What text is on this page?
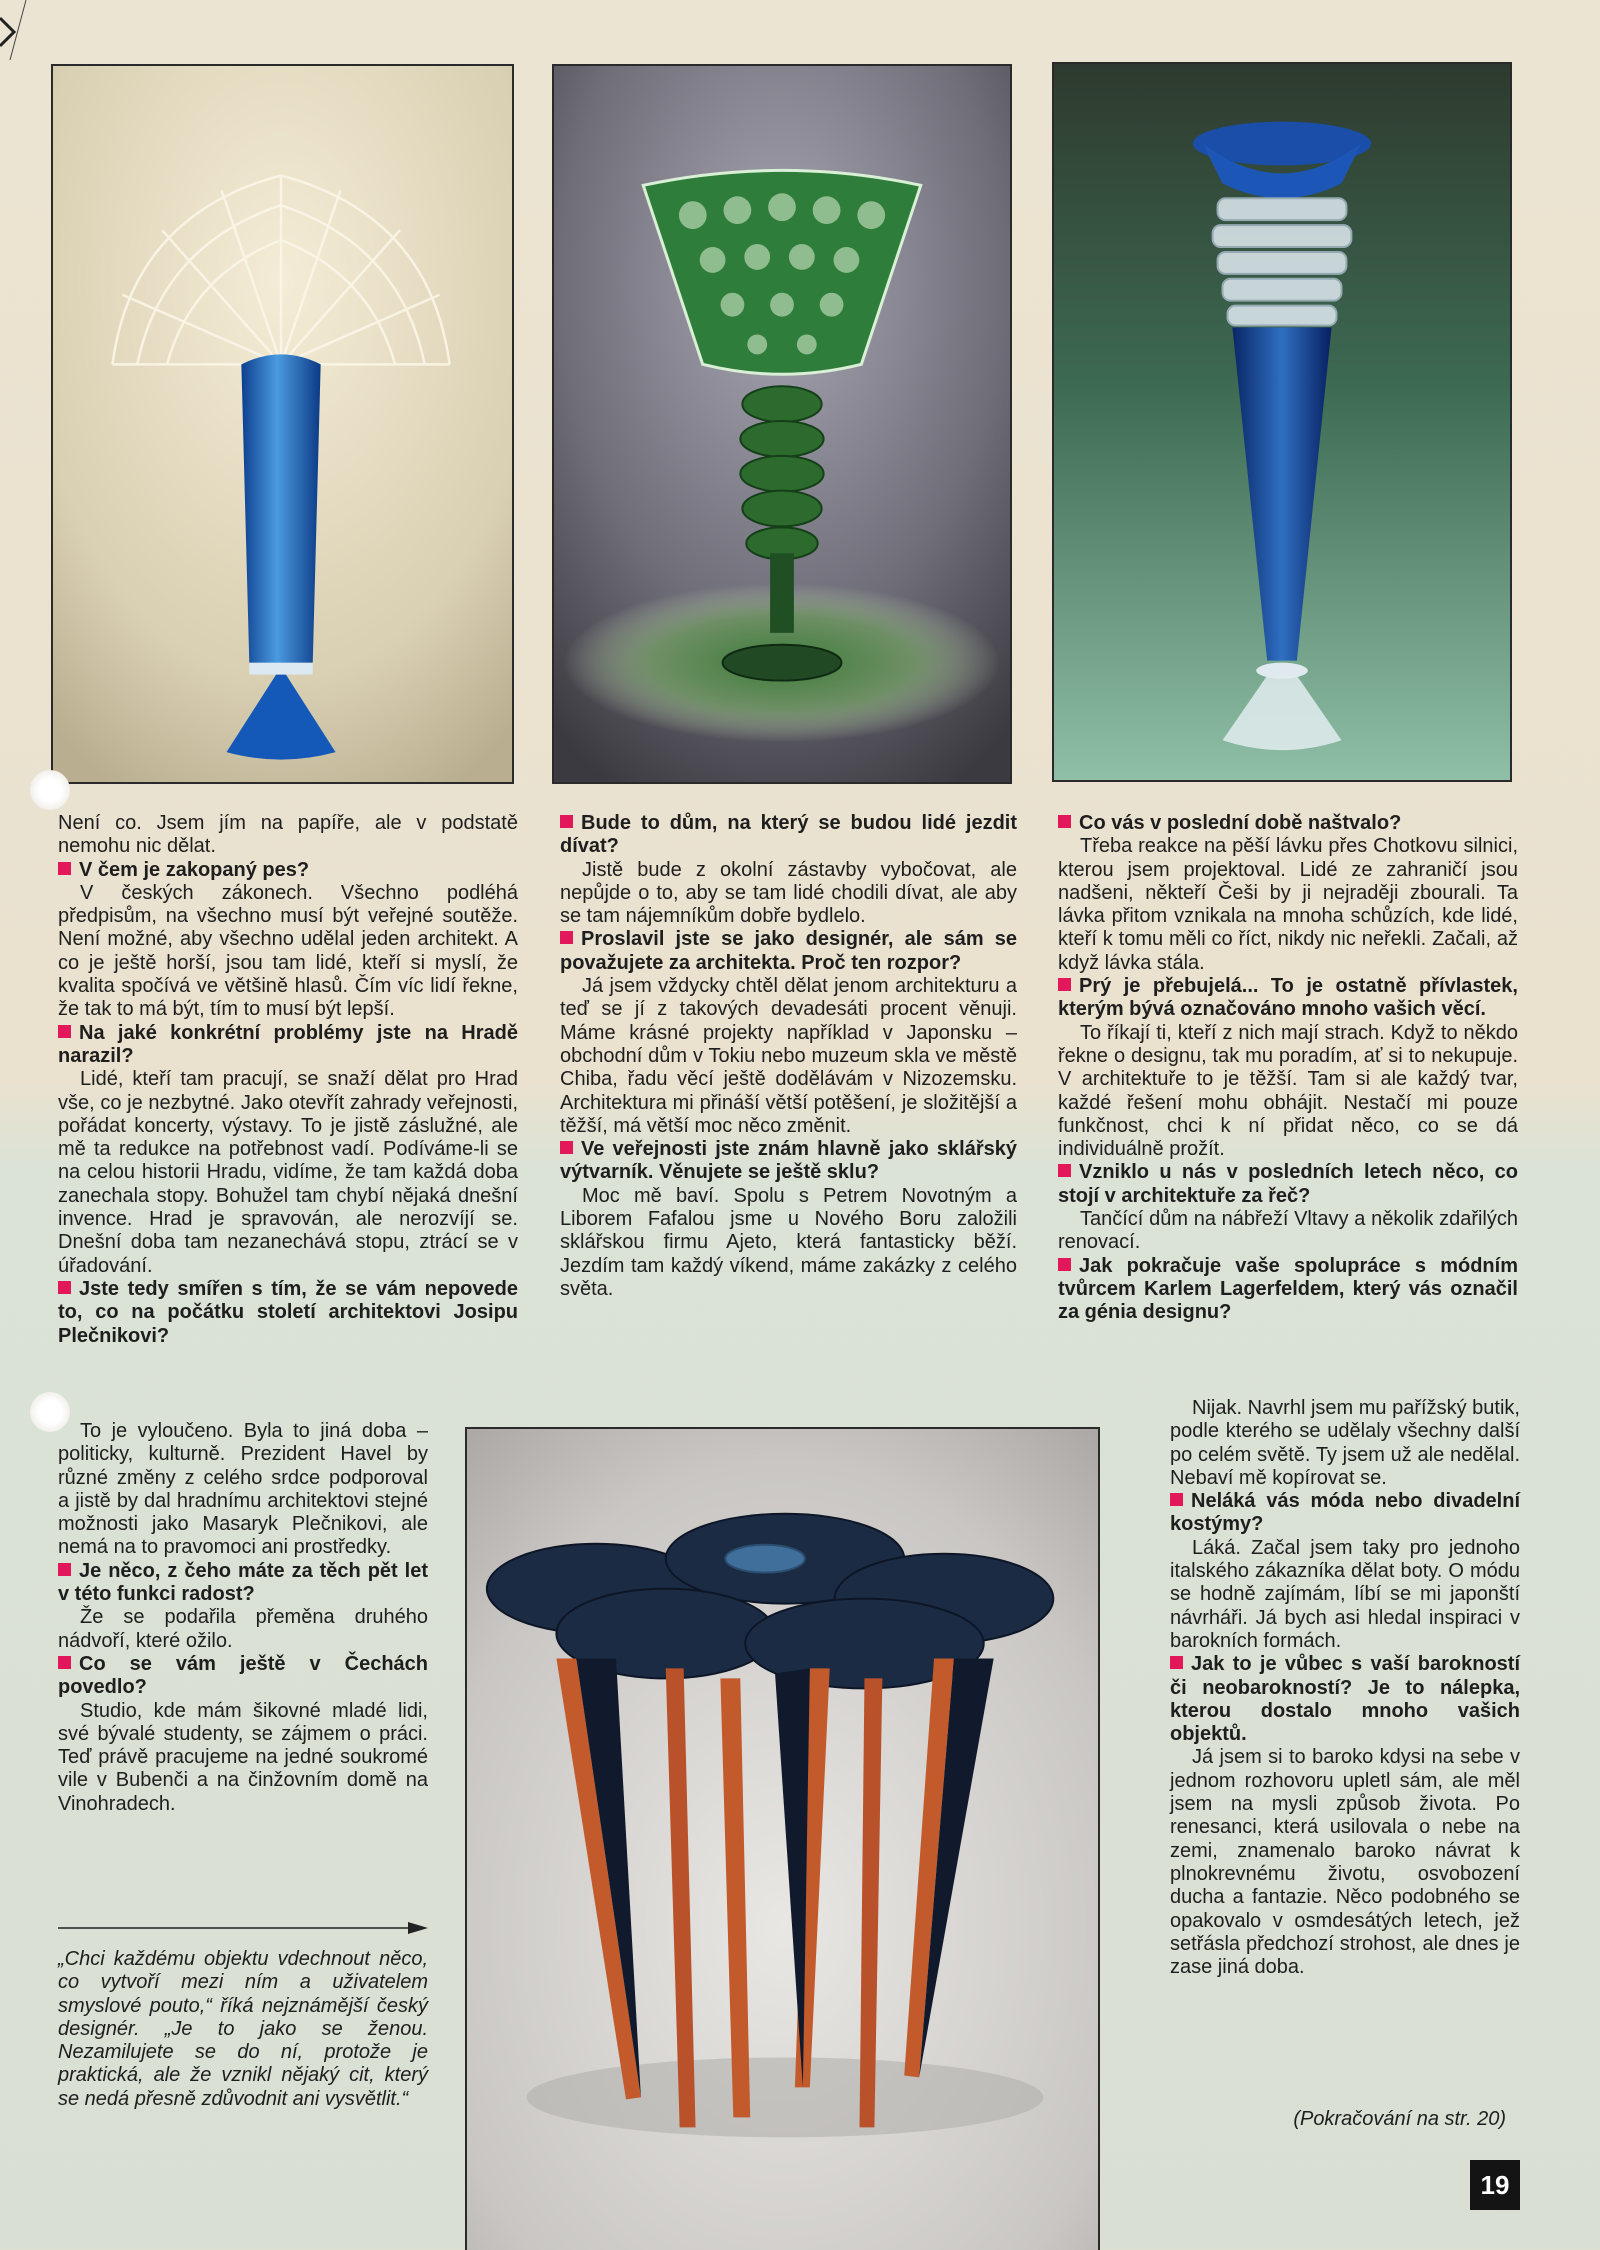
Není co. Jsem jím na papíře, ale v podstatě nemohu nic dělat.

V čem je zakopaný pes?

V českých zákonech. Všechno podléhá předpisům, na všechno musí být veřejné soutěže. Není možné, aby všechno udělal jeden architekt. A co je ještě horší, jsou tam lidé, kteří si myslí, že kvalita spočívá ve většině hlasů. Čím víc lidí řekne, že tak to má být, tím to musí být lepší.

Na jaké konkrétní problémy jste na Hradě narazil?

Lidé, kteří tam pracují, se snaží dělat pro Hrad vše, co je nezbytné. Jako otevřít zahrady veřejnosti, pořádat koncerty, výstavy. To je jistě záslužné, ale mě ta redukce na potřebnost vadí. Podíváme-li se na celou historii Hradu, vidíme, že tam každá doba zanechala stopy. Bohužel tam chybí nějaká dnešní invence. Hrad je spravován, ale nerozvíjí se. Dnešní doba tam nezanechává stopu, ztrácí se v úřadování.

Jste tedy smířen s tím, že se vám nepovede to, co na počátku století architektovi Josipu Plečnikovi?

To je vyloučeno. Byla to jiná doba – politicky, kulturně. Prezident Havel by různé změny z celého srdce podporoval a jistě by dal hradnímu architektovi stejné možnosti jako Masaryk Plečnikovi, ale nemá na to pravomoci ani prostředky.

Je něco, z čeho máte za těch pět let v této funkci radost?

Že se podařila přeměna druhého nádvoří, které ožilo.

Co se vám ještě v Čechách povedlo?

Studio, kde mám šikovné mladé lidi, své bývalé studenty, se zájmem o práci. Teď právě pracujeme na jedné soukromé vile v Bubenči a na činžovním domě na Vinohradech.

„Chci každému objektu vdechnout něco, co vytvoří mezi ním a uživatelem smyslové pouto,“ říká nejznámější český designér. „Je to jako se ženou. Nezamilujete se do ní, protože je praktická, ale že vznikl nějaký cit, který se nedá přesně zdůvodnit ani vysvětlit.“

Bude to dům, na který se budou lidé jezdit dívat?

Jistě bude z okolní zástavby vybočovat, ale nepůjde o to, aby se tam lidé chodili dívat, ale aby se tam nájemníkům dobře bydlelo.

Proslavil jste se jako designér, ale sám se považujete za architekta. Proč ten rozpor?

Já jsem vždycky chtěl dělat jenom architekturu a teď se jí z takových devadesáti procent věnuji. Máme krásné projekty například v Japonsku – obchodní dům v Tokiu nebo muzeum skla ve městě Chiba, řadu věcí ještě dodělávám v Nizozemsku. Architektura mi přináší větší potěšení, je složitější a těžší, má větší moc něco změnit.

Ve veřejnosti jste znám hlavně jako sklářský výtvarník. Věnujete se ještě sklu?

Moc mě baví. Spolu s Petrem Novotným a Liborem Fafalou jsme u Nového Boru založili sklářskou firmu Ajeto, která fantasticky běží. Jezdím tam každý víkend, máme zakázky z celého světa.

Co vás v poslední době naštvalo?

Třeba reakce na pěší lávku přes Chotkovu silnici, kterou jsem projektoval. Lidé ze zahraničí jsou nadšeni, někteří Češi by ji nejraději zbourali. Ta lávka přitom vznikala na mnoha schůzích, kde lidé, kteří k tomu měli co říct, nikdy nic neřekli. Začali, až když lávka stála.

Prý je přebujelá... To je ostatně přívlastek, kterým bývá označováno mnoho vašich věcí.

To říkají ti, kteří z nich mají strach. Když to někdo řekne o designu, tak mu poradím, ať si to nekupuje. V architektuře to je těžší. Tam si ale každý tvar, každé řešení mohu obhájit. Nestačí mi pouze funkčnost, chci k ní přidat něco, co se dá individuálně prožít.

Vzniklo u nás v posledních letech něco, co stojí v architektuře za řeč?

Tančící dům na nábřeží Vltavy a několik zdařilých renovací.

Jak pokračuje vaše spolupráce s módním tvůrcem Karlem Lagerfeldem, který vás označil za génia designu?

Nijak. Navrhl jsem mu pařížský butik, podle kterého se udělaly všechny další po celém světě. Ty jsem už ale nedělal. Nebaví mě kopírovat se.

Neláká vás móda nebo divadelní kostýmy?

Láká. Začal jsem taky pro jednoho italského zákazníka dělat boty. O módu se hodně zajímám, líbí se mi japonští návrháři. Já bych asi hledal inspiraci v barokních formách.

Jak to je vůbec s vaší barokností či neobarokností? Je to nálepka, kterou dostalo mnoho vašich objektů.

Já jsem si to baroko kdysi na sebe v jednom rozhovoru upletl sám, ale měl jsem na mysli způsob života. Po renesanci, která usilovala o nebe na zemi, znamenalo baroko návrat k plnokrevnému životu, osvobození ducha a fantazie. Něco podobného se opakovalo v osmdesátých letech, jež setřásla předchozí strohost, ale dnes je zase jiná doba.

(Pokračování na str. 20)
19
